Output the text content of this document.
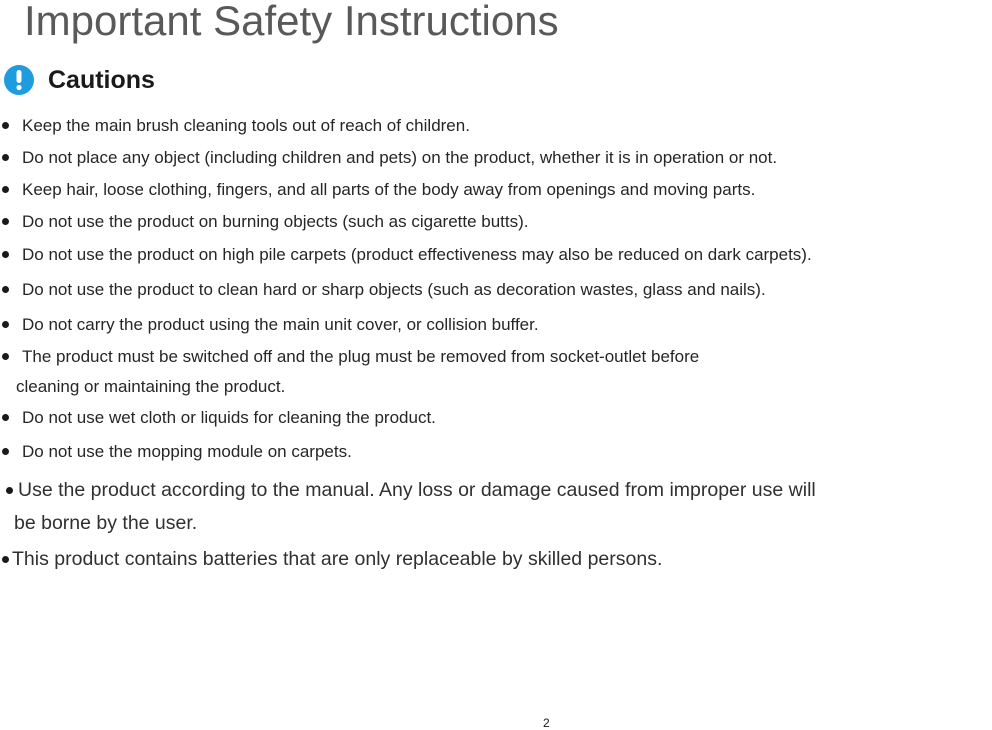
Important Safety Instructions
Cautions
Keep the main brush cleaning tools out of reach of children.
Do not place any object (including children and pets) on the product, whether it is in operation or not.
Keep hair, loose clothing, fingers, and all parts of the body away from openings and moving parts.
Do not use the product on burning objects (such as cigarette butts).
Do not use the product on high pile carpets (product effectiveness may also be reduced on dark carpets).
Do not use the product to clean hard or sharp objects (such as decoration wastes, glass and nails).
Do not carry the product using the main unit cover, or collision buffer.
The product must be switched off and the plug must be removed from socket-outlet before
cleaning or maintaining the product.
Do not use wet cloth or liquids for cleaning the product.
Do not use the mopping module on carpets.
Use the product according to the manual. Any loss or damage caused from improper use will
be borne by the user.
This product contains batteries that are only replaceable by skilled persons.
2
